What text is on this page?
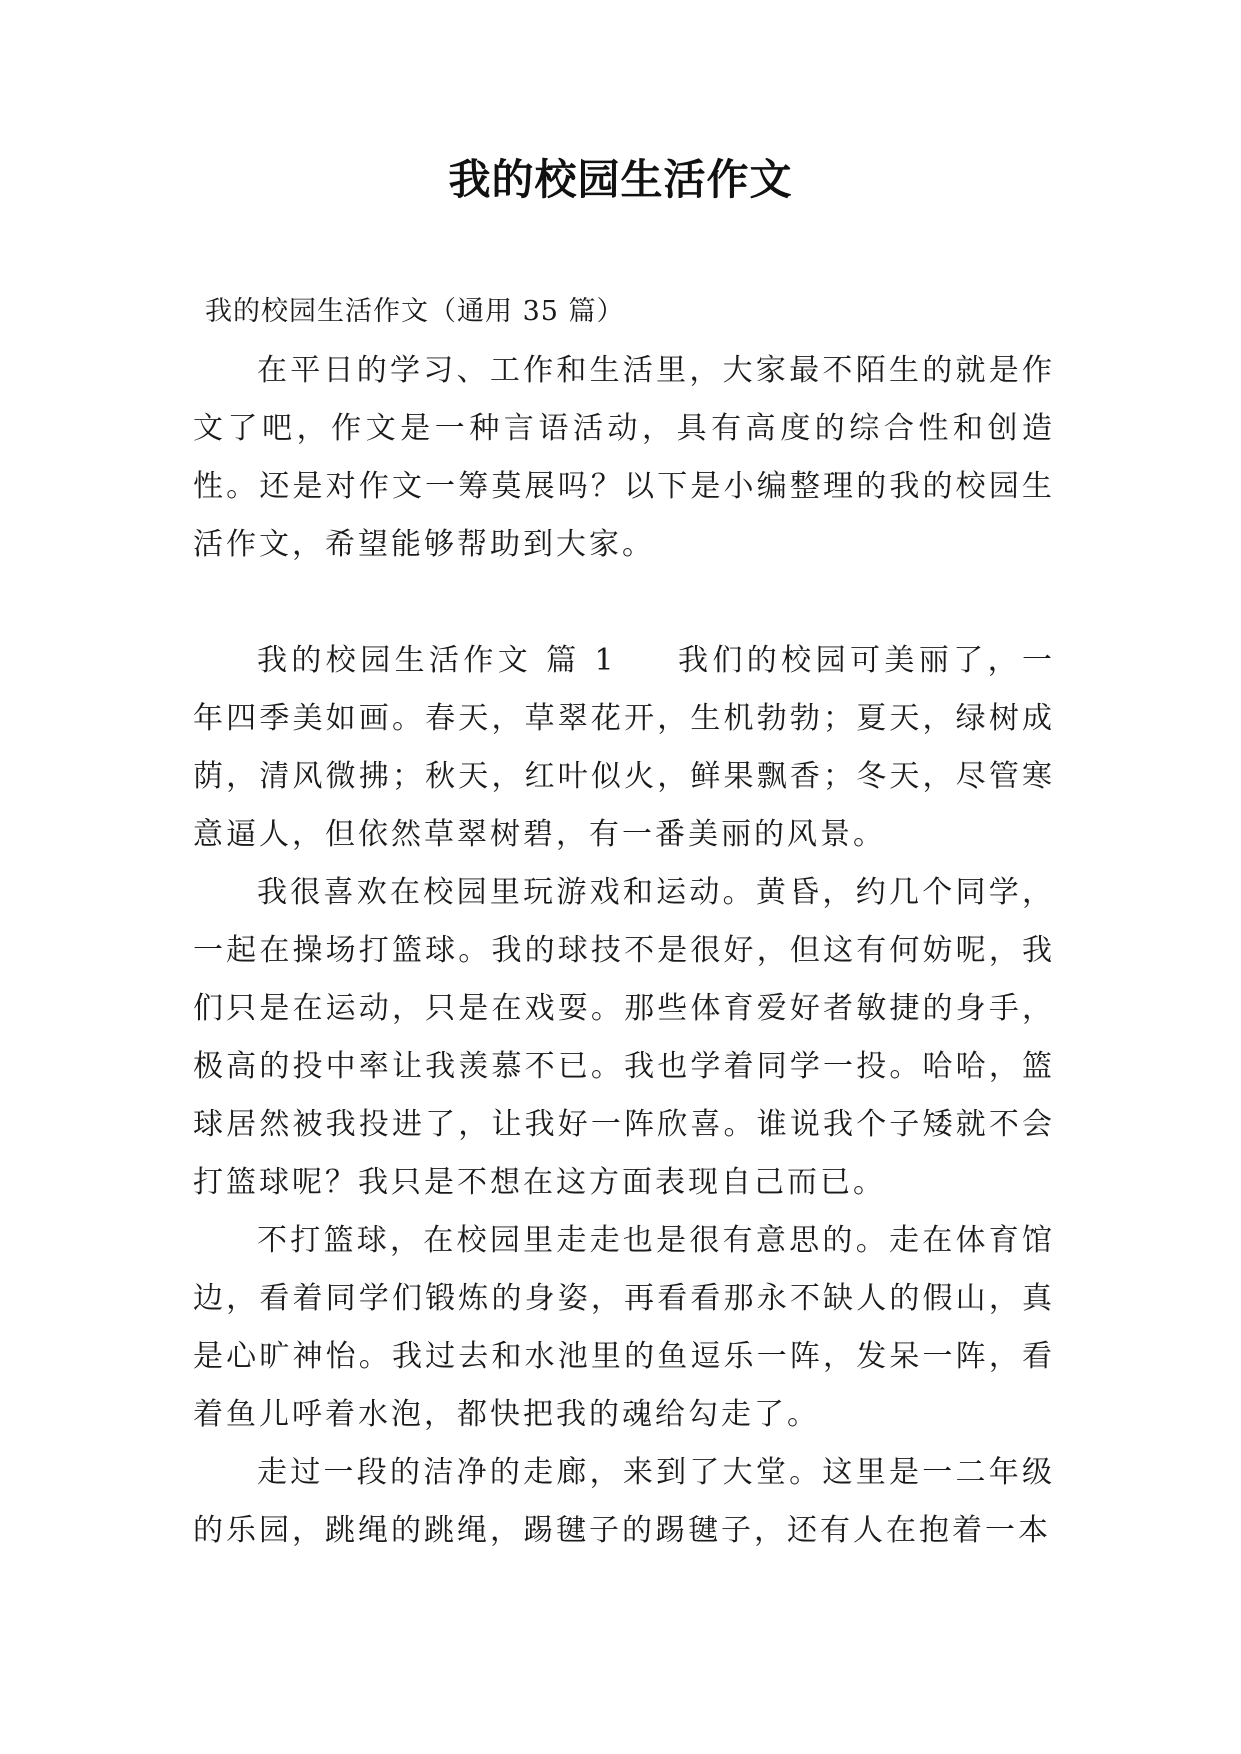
我的校园生活作文
我的校园生活作文（通用 35 篇）

在平日的学习、工作和生活里，大家最不陌生的就是作文了吧，作文是一种言语活动，具有高度的综合性和创造性。还是对作文一筹莫展吗？以下是小编整理的我的校园生活作文，希望能够帮助到大家。

我的校园生活作文 篇 1 我们的校园可美丽了，一年四季美如画。春天，草翠花开，生机勃勃；夏天，绿树成荫，清风微拂；秋天，红叶似火，鲜果飘香；冬天，尽管寒意逼人，但依然草翠树碧，有一番美丽的风景。

我很喜欢在校园里玩游戏和运动。黄昏，约几个同学，一起在操场打篮球。我的球技不是很好，但这有何妨呢，我们只是在运动，只是在戏耍。那些体育爱好者敏捷的身手，极高的投中率让我羡慕不已。我也学着同学一投。哈哈，篮球居然被我投进了，让我好一阵欣喜。谁说我个子矮就不会打篮球呢？我只是不想在这方面表现自己而已。

不打篮球，在校园里走走也是很有意思的。走在体育馆边，看着同学们锻炼的身姿，再看看那永不缺人的假山，真是心旷神怡。我过去和水池里的鱼逗乐一阵，发呆一阵，看着鱼儿呼着水泡，都快把我的魂给勾走了。

走过一段的洁净的走廊，来到了大堂。这里是一二年级的乐园，跳绳的跳绳，踢毽子的踢毽子，还有人在抱着一本
